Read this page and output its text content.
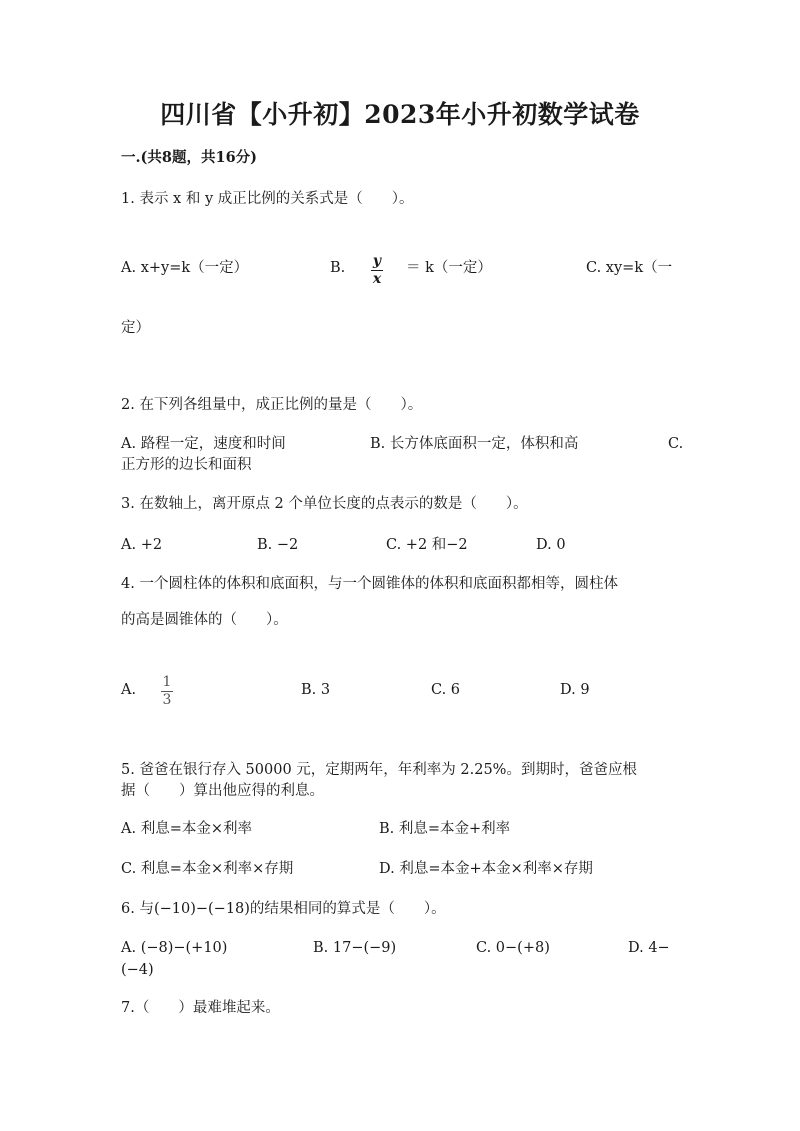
四川省【小升初】2023年小升初数学试卷
一.(共8题，共16分)
1. 表示 x 和 y 成正比例的关系式是（　　）。
A. x+y=k（一定）	B. y
x
＝ k（一定）	C. xy=k（一
定）
2. 在下列各组量中，成正比例的量是（　　）。
A. 路程一定，速度和时间	B. 长方体底面积一定，体积和高	C.
正方形的边长和面积
3. 在数轴上，离开原点 2 个单位长度的点表示的数是（　　）。
A. +2	B. −2	C. +2 和−2	D. 0
4. 一个圆柱体的体积和底面积，与一个圆锥体的体积和底面积都相等，圆柱体
的高是圆锥体的（　　）。
A. 1
3
B. 3	C. 6	D. 9
5. 爸爸在银行存入 50000 元，定期两年，年利率为 2.25%。到期时，爸爸应根
据（　　）算出他应得的利息。
A. 利息=本金×利率	B. 利息=本金+利率
C. 利息=本金×利率×存期	D. 利息=本金+本金×利率×存期
6. 与(−10)−(−18)的结果相同的算式是（　　）。
A. (−8)−(+10)	B. 17−(−9)	C. 0−(+8)	D. 4−
(−4)
7.（　　）最难堆起来。
